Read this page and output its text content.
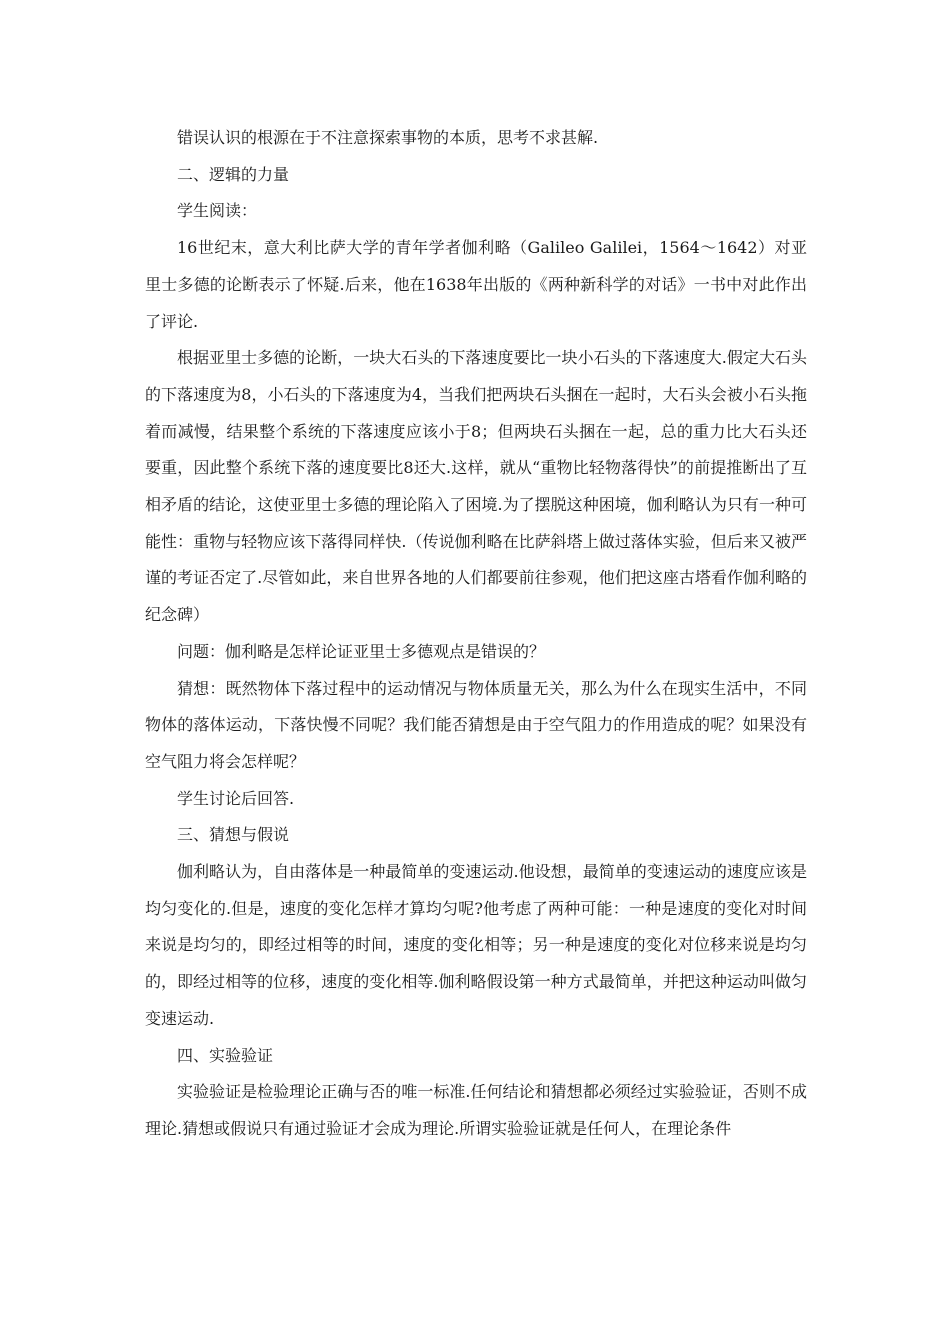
错误认识的根源在于不注意探索事物的本质，思考不求甚解.

二、逻辑的力量

学生阅读：

16世纪末，意大利比萨大学的青年学者伽利略（Galileo Galilei，1564～1642）对亚里士多德的论断表示了怀疑.后来，他在1638年出版的《两种新科学的对话》一书中对此作出了评论.

根据亚里士多德的论断，一块大石头的下落速度要比一块小石头的下落速度大.假定大石头的下落速度为8，小石头的下落速度为4，当我们把两块石头捆在一起时，大石头会被小石头拖着而减慢，结果整个系统的下落速度应该小于8；但两块石头捆在一起，总的重力比大石头还要重，因此整个系统下落的速度要比8还大.这样，就从“重物比轻物落得快”的前提推断出了互相矛盾的结论，这使亚里士多德的理论陷入了困境.为了摆脱这种困境，伽利略认为只有一种可能性：重物与轻物应该下落得同样快.（传说伽利略在比萨斜塔上做过落体实验，但后来又被严谨的考证否定了.尽管如此，来自世界各地的人们都要前往参观，他们把这座古塔看作伽利略的纪念碑）

问题：伽利略是怎样论证亚里士多德观点是错误的？

猜想：既然物体下落过程中的运动情况与物体质量无关，那么为什么在现实生活中，不同物体的落体运动，下落快慢不同呢？我们能否猜想是由于空气阻力的作用造成的呢？如果没有空气阻力将会怎样呢？

学生讨论后回答.

三、猜想与假说

伽利略认为，自由落体是一种最简单的变速运动.他设想，最简单的变速运动的速度应该是均匀变化的.但是，速度的变化怎样才算均匀呢?他考虑了两种可能：一种是速度的变化对时间来说是均匀的，即经过相等的时间，速度的变化相等；另一种是速度的变化对位移来说是均匀的，即经过相等的位移，速度的变化相等.伽利略假设第一种方式最简单，并把这种运动叫做匀变速运动.

四、实验验证

实验验证是检验理论正确与否的唯一标准.任何结论和猜想都必须经过实验验证，否则不成理论.猜想或假说只有通过验证才会成为理论.所谓实验验证就是任何人，在理论条件
